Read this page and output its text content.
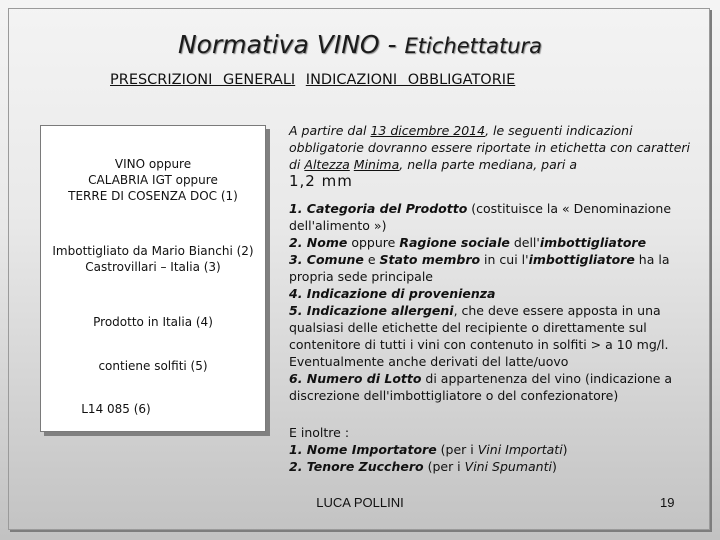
Normativa VINO - Etichettatura
PRESCRIZIONI GENERALI INDICAZIONI OBBLIGATORIE
VINO oppure
CALABRIA IGT oppure
TERRE DI COSENZA DOC (1)
Imbottigliato da Mario Bianchi (2)
Castrovillari – Italia (3)
Prodotto in Italia (4)
contiene solfiti (5)
L14 085 (6)
A partire dal 13 dicembre 2014, le seguenti indicazioni obbligatorie dovranno essere riportate in etichetta con caratteri di Altezza Minima, nella parte mediana, pari a
1,2 mm
1. Categoria del Prodotto (costituisce la « Denominazione dell'alimento »)
2. Nome oppure Ragione sociale dell'imbottigliatore
3. Comune e Stato membro in cui l'imbottigliatore ha la propria sede principale
4. Indicazione di provenienza
5. Indicazione allergeni, che deve essere apposta in una qualsiasi delle etichette del recipiente o direttamente sul contenitore di tutti i vini con contenuto in solfiti > a 10 mg/l. Eventualmente anche derivati del latte/uovo
6. Numero di Lotto di appartenenza del vino (indicazione a discrezione dell'imbottigliatore o del confezionatore)
E inoltre :
1. Nome Importatore (per i Vini Importati)
2. Tenore Zucchero (per i Vini Spumanti)
LUCA POLLINI	19
